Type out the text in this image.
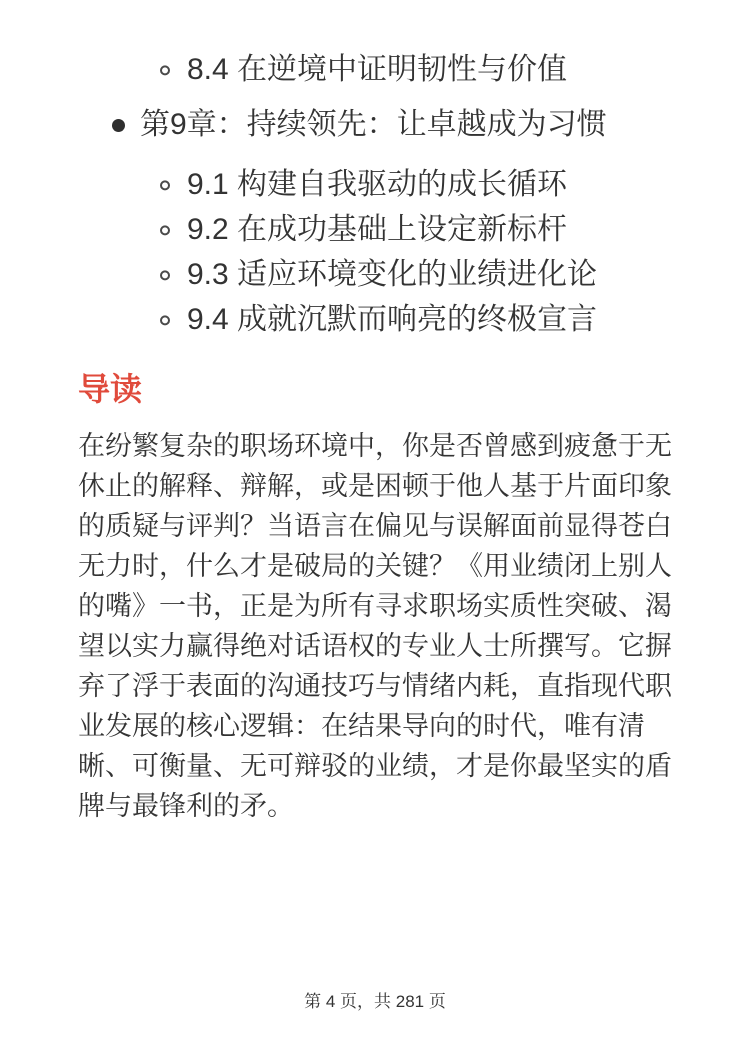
8.4 在逆境中证明韧性与价值
第9章：持续领先：让卓越成为习惯
9.1 构建自我驱动的成长循环
9.2 在成功基础上设定新标杆
9.3 适应环境变化的业绩进化论
9.4 成就沉默而响亮的终极宣言
导读

在纷繁复杂的职场环境中，你是否曾感到疲惫于无
休止的解释、辩解，或是困顿于他人基于片面印象
的质疑与评判？当语言在偏见与误解面前显得苍白
无力时，什么才是破局的关键？《用业绩闭上别人
的嘴》一书，正是为所有寻求职场实质性突破、渴
望以实力赢得绝对话语权的专业人士所撰写。它摒
弃了浮于表面的沟通技巧与情绪内耗，直指现代职
业发展的核心逻辑：在结果导向的时代，唯有清
晰、可衡量、无可辩驳的业绩，才是你最坚实的盾
牌与最锋利的矛。

第 4 页，共 281 页
